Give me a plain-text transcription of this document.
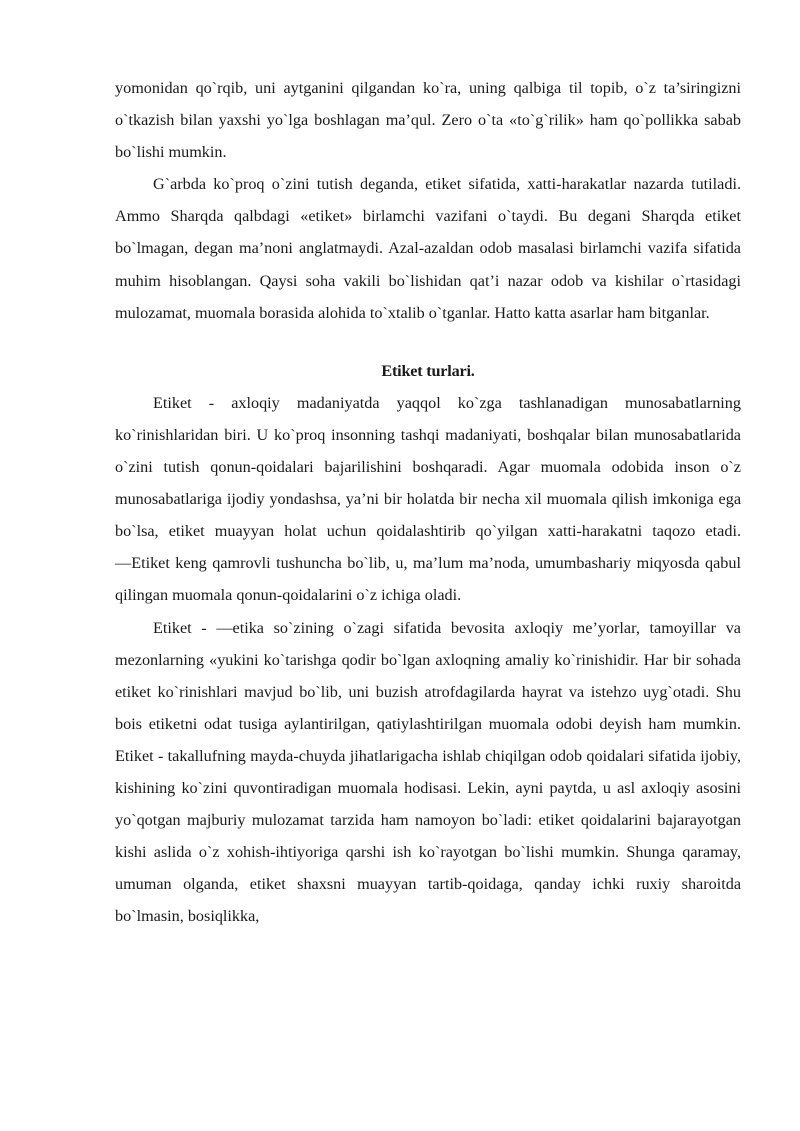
yomonidan qo`rqib, uni aytganini qilgandan ko`ra, uning qalbiga til topib, o`z ta’siringizni o`tkazish bilan yaxshi yo`lga boshlagan ma’qul. Zero o`ta «to`g`rilik» ham qo`pollikka sabab bo`lishi mumkin.

G`arbda ko`proq o`zini tutish deganda, etiket sifatida, xatti-harakatlar nazarda tutiladi. Ammo Sharqda qalbdagi «etiket» birlamchi vazifani o`taydi. Bu degani Sharqda etiket bo`lmagan, degan ma’noni anglatmaydi. Azal-azaldan odob masalasi birlamchi vazifa sifatida muhim hisoblangan. Qaysi soha vakili bo`lishidan qat’i nazar odob va kishilar o`rtasidagi mulozamat, muomala borasida alohida to`xtalib o`tganlar. Hatto katta asarlar ham bitganlar.

Etiket turlari.

Etiket - axloqiy madaniyatda yaqqol ko`zga tashlanadigan munosabatlarning ko`rinishlaridan biri. U ko`proq insonning tashqi madaniyati, boshqalar bilan munosabatlarida o`zini tutish qonun-qoidalari bajarilishini boshqaradi. Agar muomala odobida inson o`z munosabatlariga ijodiy yondashsa, ya’ni bir holatda bir necha xil muomala qilish imkoniga ega bo`lsa, etiket muayyan holat uchun qoidalashtirib qo`yilgan xatti-harakatni taqozo etadi. ―Etiket keng qamrovli tushuncha bo`lib, u, ma’lum ma’noda, umumbashariy miqyosda qabul qilingan muomala qonun-qoidalarini o`z ichiga oladi.

Etiket - ―etika so`zining o`zagi sifatida bevosita axloqiy me’yorlar, tamoyillar va mezonlarning «yukini ko`tarishga qodir bo`lgan axloqning amaliy ko`rinishidir. Har bir sohada etiket ko`rinishlari mavjud bo`lib, uni buzish atrofdagilarda hayrat va istehzo uyg`otadi. Shu bois etiketni odat tusiga aylantirilgan, qatiylashtirilgan muomala odobi deyish ham mumkin. Etiket - takallufning mayda-chuyda jihatlarigacha ishlab chiqilgan odob qoidalari sifatida ijobiy, kishining ko`zini quvontiradigan muomala hodisasi. Lekin, ayni paytda, u asl axloqiy asosini yo`qotgan majburiy mulozamat tarzida ham namoyon bo`ladi: etiket qoidalarini bajarayotgan kishi aslida o`z xohish-ihtiyoriga qarshi ish ko`rayotgan bo`lishi mumkin. Shunga qaramay, umuman olganda, etiket shaxsni muayyan tartib-qoidaga, qanday ichki ruxiy sharoitda bo`lmasin, bosiqlikka,
